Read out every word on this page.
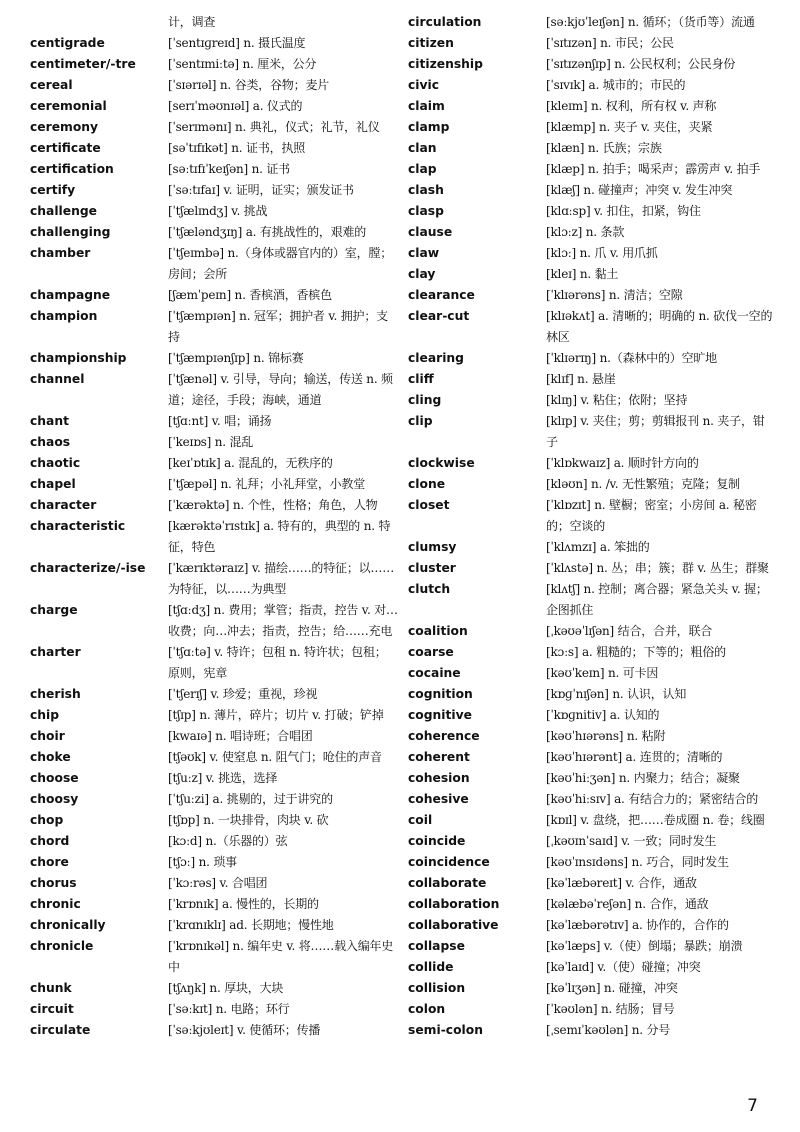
计，调查
centigrade	[ˈsentɪɡreɪd] n. 摄氏温度
centimeter/-tre	[ˈsentɪmiːtə] n. 厘米，公分
cereal	[ˈsɪərɪəl] n. 谷类，谷物；麦片
ceremonial	[serɪˈməʊnɪəl] a. 仪式的
ceremony	[ˈserɪmənɪ] n. 典礼，仪式；礼节，礼仪
certificate	[səˈtɪfɪkət] n. 证书，执照
certification	[səːtɪfɪˈkeɪʃən] n. 证书
certify	[ˈsəːtɪfaɪ] v. 证明，证实；颁发证书
challenge	[ˈtʃælɪndʒ] v. 挑战
challenging	[ˈtʃæləndʒɪŋ] a. 有挑战性的，艰难的
chamber	[ˈtʃeɪmbə] n.（身体或器官内的）室，膛；房间；会所
champagne	[ʃæmˈpeɪn] n. 香槟酒，香槟色
champion	[ˈtʃæmpɪən] n. 冠军；拥护者 v. 拥护；支持
championship	[ˈtʃæmpɪənʃɪp] n. 锦标赛
channel	[ˈtʃænəl] v. 引导，导向；输送，传送 n. 频道；途径，手段；海峡，通道
chant	[tʃɑːnt] v. 唱；诵扬
chaos	[ˈkeɪɒs] n. 混乱
chaotic	[keɪˈɒtɪk] a. 混乱的，无秩序的
chapel	[ˈtʃæpəl] n. 礼拜；小礼拜堂，小教堂
character	[ˈkærəktə] n. 个性，性格；角色，人物
characteristic	[kærəktəˈrɪstɪk] a. 特有的，典型的 n. 特征，特色
characterize/-ise	[ˈkærɪktəraɪz] v. 描绘……的特征；以……为特征，以……为典型
charge	[tʃɑːdʒ] n. 费用；掌管；指责，控告 v. 对…收费；向…冲去；指责，控告；给……充电
charter	[ˈtʃɑːtə] v. 特许；包租 n. 特许状；包租；原则，宪章
cherish	[ˈtʃerɪʃ] v. 珍爱；重视，珍视
chip	[tʃɪp] n. 薄片，碎片；切片 v. 打破；铲掉
choir	[kwaɪə] n. 唱诗班；合唱团
choke	[tʃəʊk] v. 使窒息 n. 阻气门；呛住的声音
choose	[tʃuːz] v. 挑选，选择
choosy	[ˈtʃuːzi] a. 挑剔的，过于讲究的
chop	[tʃɒp] n. 一块排骨，肉块 v. 砍
chord	[kɔːd] n.（乐器的）弦
chore	[tʃɔː] n. 琐事
chorus	[ˈkɔːrəs] v. 合唱团
chronic	[ˈkrɒnɪk] a. 慢性的，长期的
chronically	[ˈkrɑnɪklɪ] ad. 长期地；慢性地
chronicle	[ˈkrɒnɪkəl] n. 编年史 v. 将……载入编年史中
chunk	[tʃʌŋk] n. 厚块，大块
circuit	[ˈsəːkɪt] n. 电路；环行
circulate	[ˈsəːkjʊleɪt] v. 使循环；传播
circulation	[səːkjʊˈleɪʃən] n. 循环；（货币等）流通
citizen	[ˈsɪtɪzən] n. 市民；公民
citizenship	[ˈsɪtɪzənʃɪp] n. 公民权利；公民身份
civic	[ˈsɪvɪk] a. 城市的；市民的
claim	[kleɪm] n. 权利，所有权 v. 声称
clamp	[klæmp] n. 夹子 v. 夹住，夹紧
clan	[klæn] n. 氏族；宗族
clap	[klæp] n. 拍手；喝采声；霹雳声 v. 拍手
clash	[klæʃ] n. 碰撞声；冲突 v. 发生冲突
clasp	[klɑːsp] v. 扣住，扣紧，钩住
clause	[klɔːz] n. 条款
claw	[klɔː] n. 爪 v. 用爪抓
clay	[kleɪ] n. 黏土
clearance	[ˈklɪərəns] n. 清洁；空隙
clear-cut	[klɪəkʌt] a. 清晰的；明确的 n. 砍伐一空的林区
clearing	[ˈklɪərɪŋ] n.（森林中的）空旷地
cliff	[klɪf] n. 悬崖
cling	[klɪŋ] v. 粘住；依附；坚持
clip	[klɪp] v. 夹住；剪；剪辑报刊 n. 夹子，钳子
clockwise	[ˈklɒkwaɪz] a. 顺时针方向的
clone	[kləʊn] n. /v. 无性繁殖；克隆；复制
closet	[ˈklɒzɪt] n. 壁橱；密室；小房间 a. 秘密的；空谈的
clumsy	[ˈklʌmzɪ] a. 笨拙的
cluster	[ˈklʌstə] n. 丛；串；簇；群 v. 丛生；群聚
clutch	[klʌtʃ] n. 控制；离合器；紧急关头 v. 握；企图抓住
coalition	[ˌkəʊəˈlɪʃən] 结合，合并，联合
coarse	[kɔːs] a. 粗糙的；下等的；粗俗的
cocaine	[kəʊˈkeɪn] n. 可卡因
cognition	[kɒɡˈnɪʃən] n. 认识，认知
cognitive	[ˈkɒɡnitiv] a. 认知的
coherence	[kəʊˈhɪərəns] n. 粘附
coherent	[kəʊˈhɪərənt] a. 连贯的；清晰的
cohesion	[kəʊˈhiːʒən] n. 内聚力；结合；凝聚
cohesive	[kəʊˈhiːsɪv] a. 有结合力的；紧密结合的
coil	[kɒɪl] v. 盘绕，把……卷成圈 n. 卷；线圈
coincide	[ˌkəʊɪnˈsaɪd] v. 一致；同时发生
coincidence	[kəʊˈɪnsɪdəns] n. 巧合，同时发生
collaborate	[kəˈlæbəreɪt] v. 合作，通敌
collaboration	[kəlæbəˈreʃən] n. 合作，通敌
collaborative	[kəˈlæbərətɪv] a. 协作的，合作的
collapse	[kəˈlæps] v.（使）倒塌；暴跌；崩溃
collide	[kəˈlaɪd] v.（使）碰撞；冲突
collision	[kəˈlɪʒən] n. 碰撞，冲突
colon	[ˈkəʊlən] n. 结肠；冒号
semi-colon	[ˌsemɪˈkəʊlən] n. 分号
7
